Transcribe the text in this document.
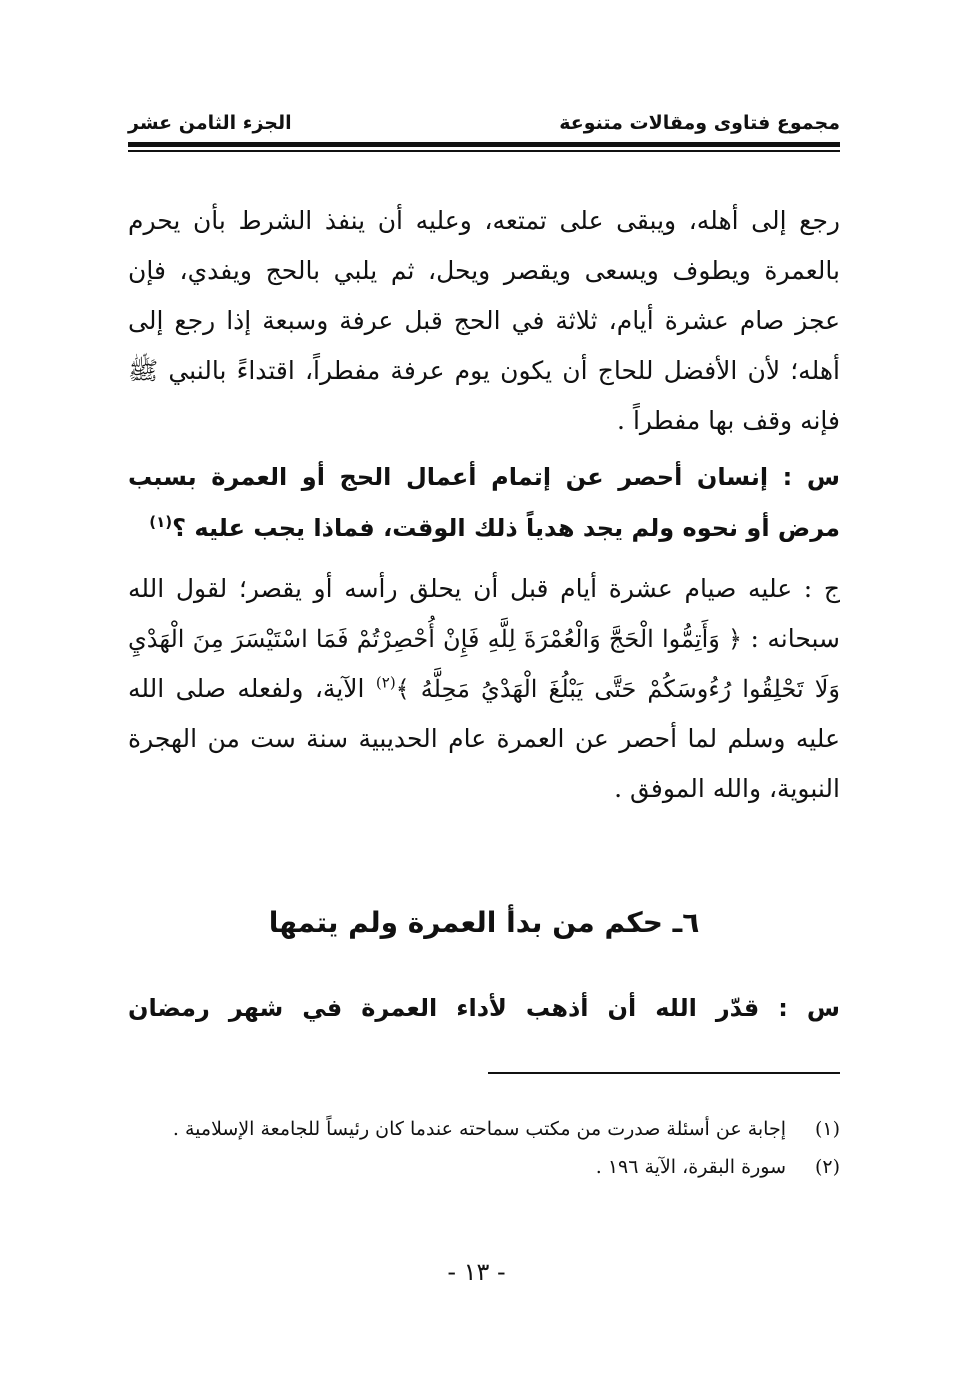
مجموع فتاوى ومقالات متنوعة
الجزء الثامن عشر

رجع إلى أهله، ويبقى على تمتعه، وعليه أن ينفذ الشرط بأن يحرم بالعمرة ويطوف ويسعى ويقصر ويحل، ثم يلبي بالحج ويفدي، فإن عجز صام عشرة أيام، ثلاثة في الحج قبل عرفة وسبعة إذا رجع إلى أهله؛ لأن الأفضل للحاج أن يكون يوم عرفة مفطراً، اقتداءً بالنبي ﷺ فإنه وقف بها مفطراً .

س : إنسان أحصر عن إتمام أعمال الحج أو العمرة بسبب مرض أو نحوه ولم يجد هدياً ذلك الوقت، فماذا يجب عليه ؟$^{(١)}$

ج : عليه صيام عشرة أيام قبل أن يحلق رأسه أو يقصر؛ لقول الله سبحانه : ﴿ وَأَتِمُّوا الْحَجَّ وَالْعُمْرَةَ لِلَّهِ فَإِنْ أُحْصِرْتُمْ فَمَا اسْتَيْسَرَ مِنَ الْهَدْيِ وَلَا تَحْلِقُوا رُءُوسَكُمْ حَتَّى يَبْلُغَ الْهَدْيُ مَحِلَّهُ ﴾$^{(٢)}$ الآية، ولفعله صلى الله عليه وسلم لما أحصر عن العمرة عام الحديبية سنة ست من الهجرة النبوية، والله الموفق .

٦ـ حكم من بدأ العمرة ولم يتمها
س : قدّر الله أن أذهب لأداء العمرة في شهر رمضان
(١)
إجابة عن أسئلة صدرت من مكتب سماحته عندما كان رئيساً للجامعة الإسلامية .
(٢)
سورة البقرة، الآية ١٩٦ .
- ١٣ -
